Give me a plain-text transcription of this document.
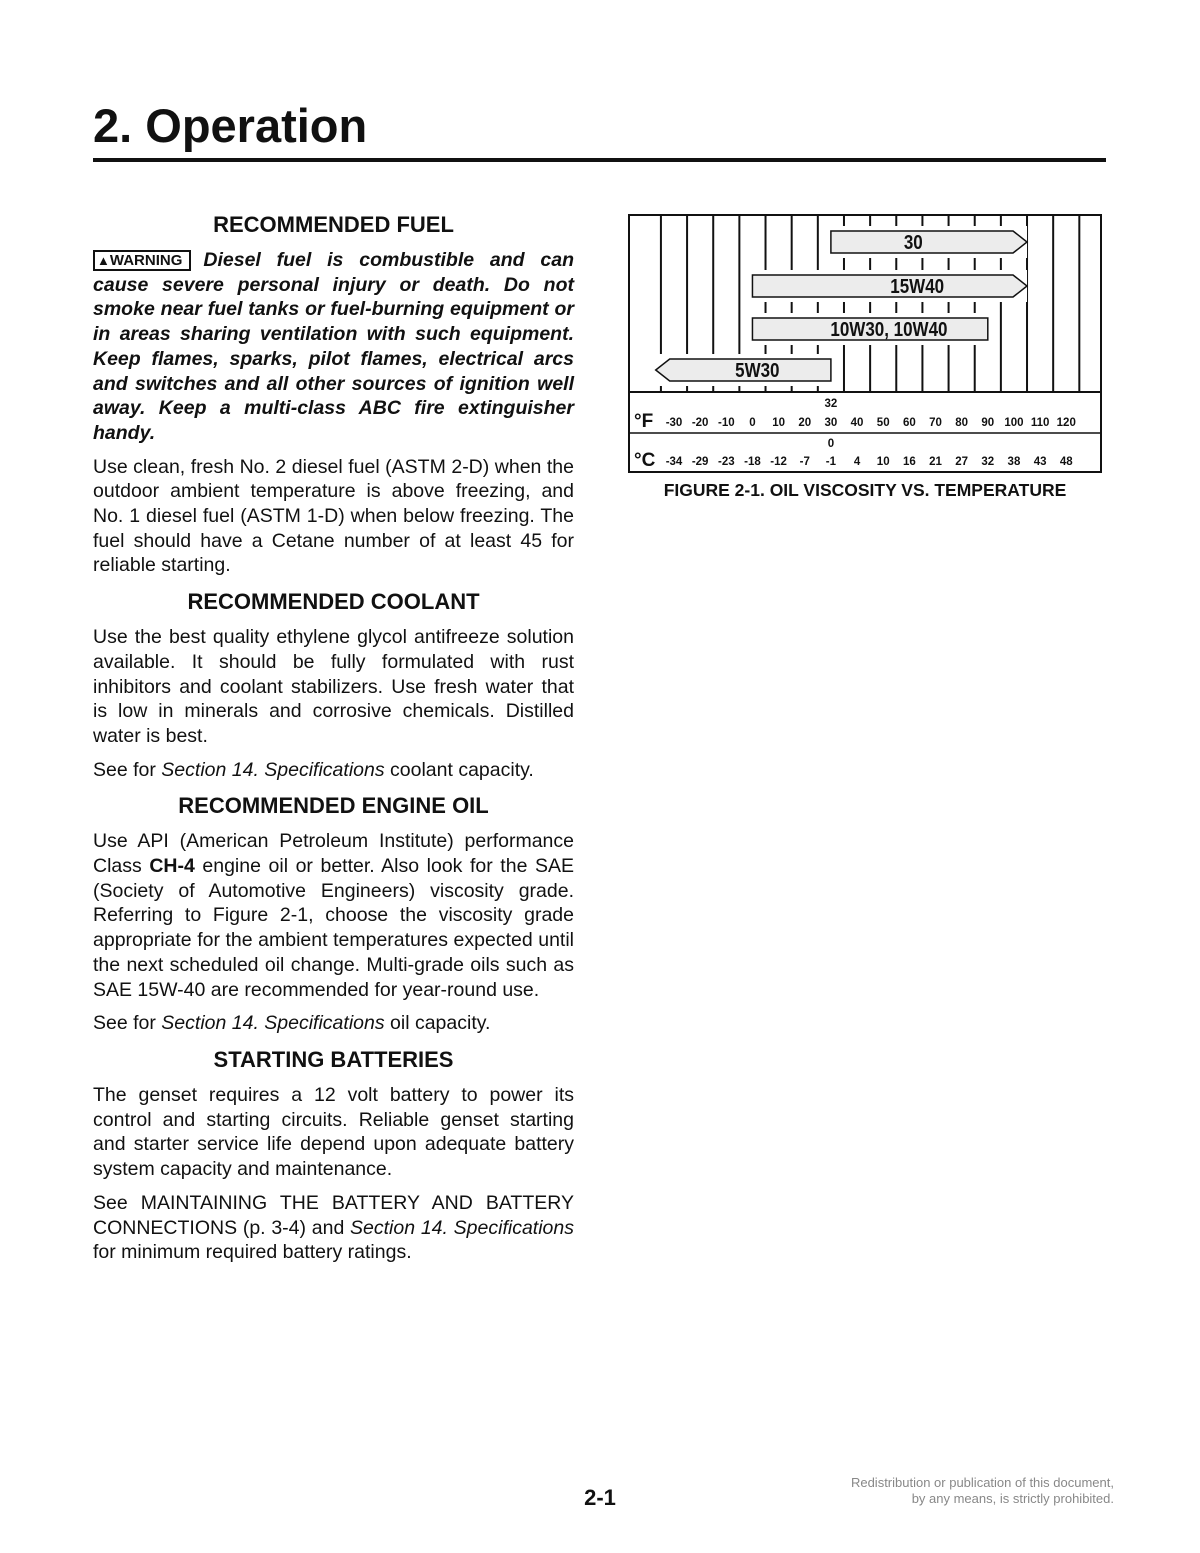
2. Operation
RECOMMENDED FUEL

▲WARNING Diesel fuel is combustible and can cause severe personal injury or death. Do not smoke near fuel tanks or fuel-burning equipment or in areas sharing ventilation with such equipment. Keep flames, sparks, pilot flames, electrical arcs and switches and all other sources of ignition well away. Keep a multi-class ABC fire extinguisher handy.

Use clean, fresh No. 2 diesel fuel (ASTM 2-D) when the outdoor ambient temperature is above freezing, and No. 1 diesel fuel (ASTM 1-D) when below freezing. The fuel should have a Cetane number of at least 45 for reliable starting.

RECOMMENDED COOLANT

Use the best quality ethylene glycol antifreeze solution available. It should be fully formulated with rust inhibitors and coolant stabilizers. Use fresh water that is low in minerals and corrosive chemicals. Distilled water is best.

See for Section 14. Specifications coolant capacity.

RECOMMENDED ENGINE OIL

Use API (American Petroleum Institute) performance Class CH-4 engine oil or better. Also look for the SAE (Society of Automotive Engineers) viscosity grade. Referring to Figure 2-1, choose the viscosity grade appropriate for the ambient temperatures expected until the next scheduled oil change. Multi-grade oils such as SAE 15W-40 are recommended for year-round use.

See for Section 14. Specifications oil capacity.

STARTING BATTERIES

The genset requires a 12 volt battery to power its control and starting circuits. Reliable genset starting and starter service life depend upon adequate battery system capacity and maintenance.

See MAINTAINING THE BATTERY AND BATTERY CONNECTIONS (p. 3-4) and Section 14. Specifications for minimum required battery ratings.

30
15W40
10W30, 10W40
5W30
°F
°C
-30 -20 -10 0 10 20 30 40 50 60 70 80 90 100 110 120
-34 -29 -23 -18 -12 -7 -1 4 10 16 21 27 32 38 43 48
32
0
FIGURE 2-1. OIL VISCOSITY VS. TEMPERATURE
2-1
Redistribution or publication of this document,
by any means, is strictly prohibited.
